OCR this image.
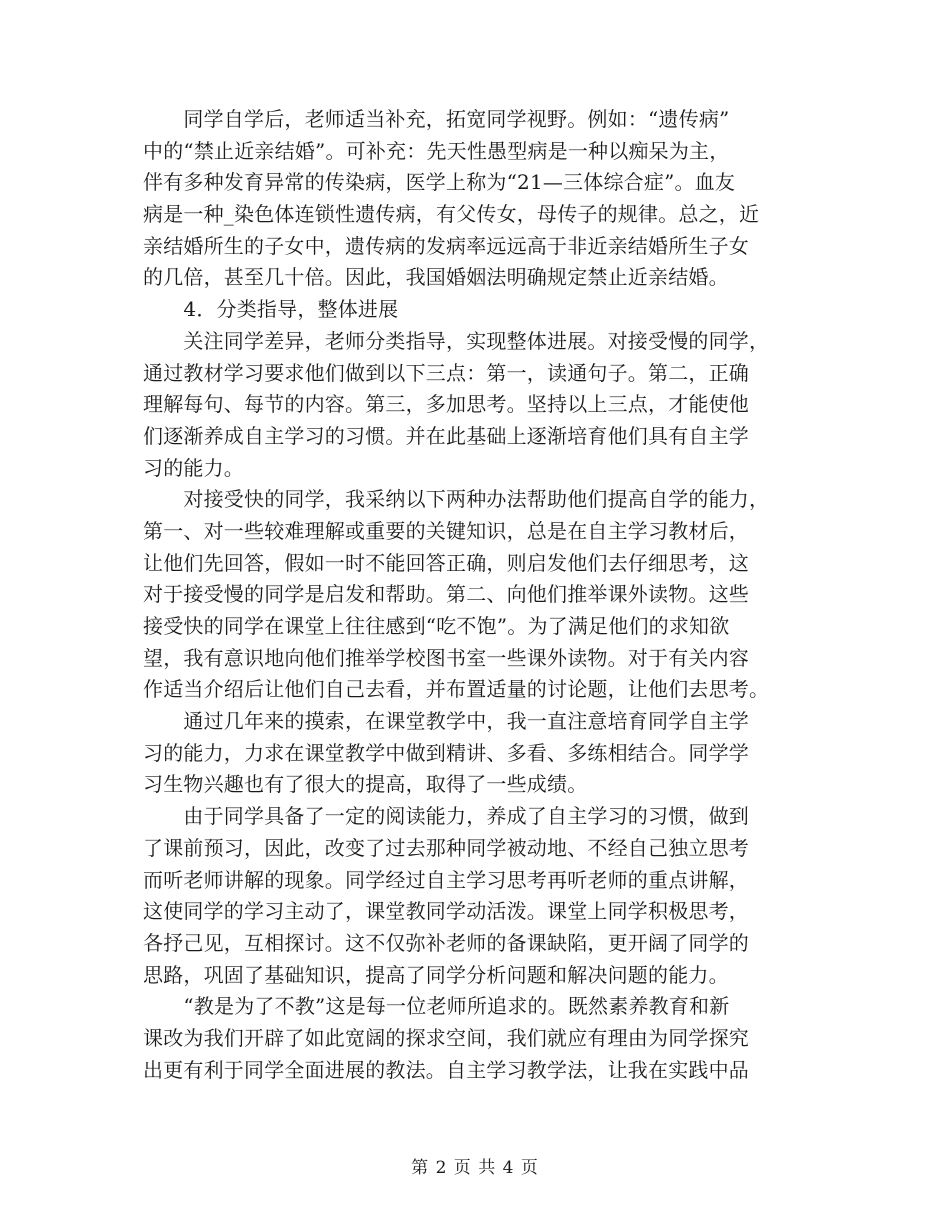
　　同学自学后，老师适当补充，拓宽同学视野。例如：“遗传病”
中的“禁止近亲结婚”。可补充：先天性愚型病是一种以痴呆为主，
伴有多种发育异常的传染病，医学上称为“21—三体综合症”。血友
病是一种_染色体连锁性遗传病，有父传女，母传子的规律。总之，近
亲结婚所生的子女中，遗传病的发病率远远高于非近亲结婚所生子女
的几倍，甚至几十倍。因此，我国婚姻法明确规定禁止近亲结婚。
　　4．分类指导，整体进展
　　关注同学差异，老师分类指导，实现整体进展。对接受慢的同学，
通过教材学习要求他们做到以下三点：第一，读通句子。第二，正确
理解每句、每节的内容。第三，多加思考。坚持以上三点，才能使他
们逐渐养成自主学习的习惯。并在此基础上逐渐培育他们具有自主学
习的能力。
　　对接受快的同学，我采纳以下两种办法帮助他们提高自学的能力，
第一、对一些较难理解或重要的关键知识，总是在自主学习教材后，
让他们先回答，假如一时不能回答正确，则启发他们去仔细思考，这
对于接受慢的同学是启发和帮助。第二、向他们推举课外读物。这些
接受快的同学在课堂上往往感到“吃不饱”。为了满足他们的求知欲
望，我有意识地向他们推举学校图书室一些课外读物。对于有关内容
作适当介绍后让他们自己去看，并布置适量的讨论题，让他们去思考。
　　通过几年来的摸索，在课堂教学中，我一直注意培育同学自主学
习的能力，力求在课堂教学中做到精讲、多看、多练相结合。同学学
习生物兴趣也有了很大的提高，取得了一些成绩。
　　由于同学具备了一定的阅读能力，养成了自主学习的习惯，做到
了课前预习，因此，改变了过去那种同学被动地、不经自己独立思考
而听老师讲解的现象。同学经过自主学习思考再听老师的重点讲解，
这使同学的学习主动了，课堂教同学动活泼。课堂上同学积极思考，
各抒己见，互相探讨。这不仅弥补老师的备课缺陷，更开阔了同学的
思路，巩固了基础知识，提高了同学分析问题和解决问题的能力。
　　“教是为了不教”这是每一位老师所追求的。既然素养教育和新
课改为我们开辟了如此宽阔的探求空间，我们就应有理由为同学探究
出更有利于同学全面进展的教法。自主学习教学法，让我在实践中品
第 2 页 共 4 页
